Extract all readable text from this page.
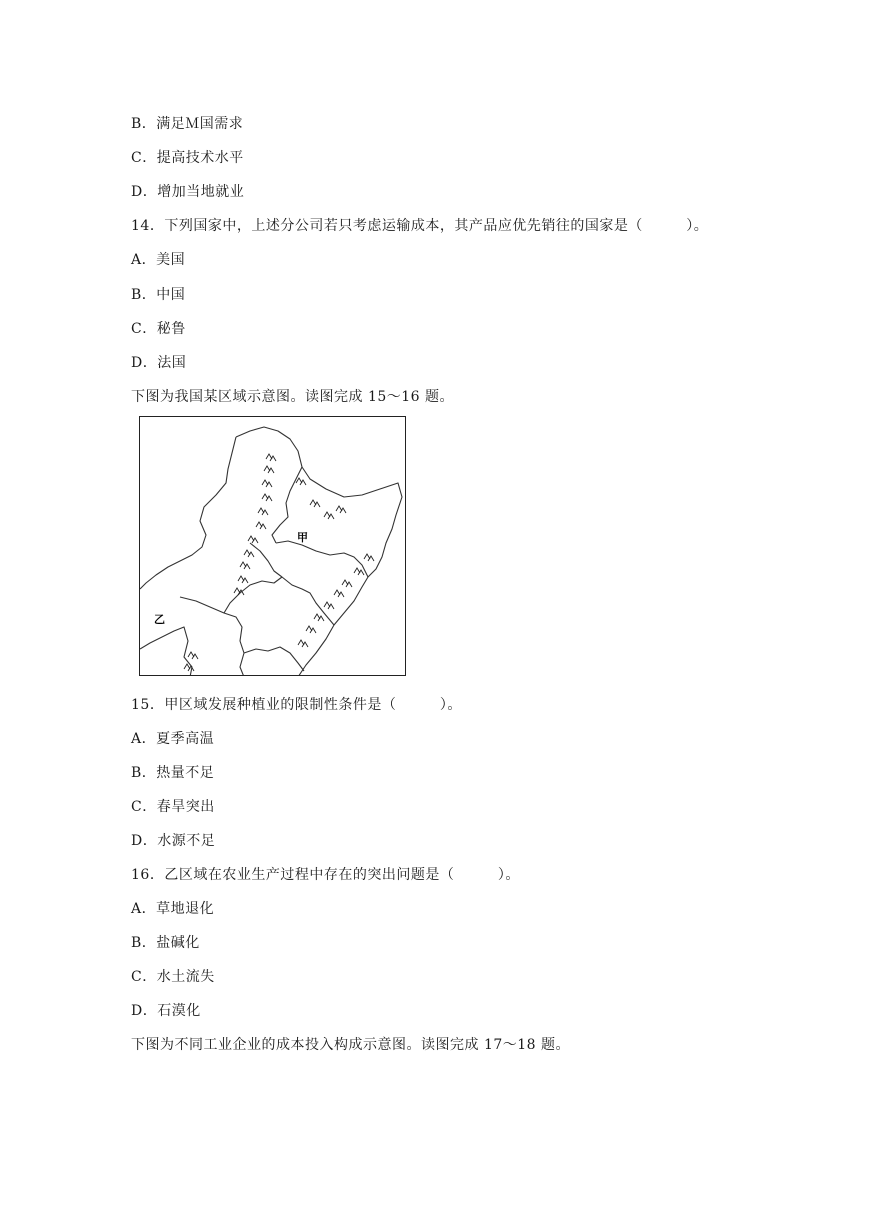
B．满足Ｍ国需求
C．提高技术水平
D．增加当地就业
14．下列国家中，上述分公司若只考虑运输成本，其产品应优先销往的国家是（　　　）。
A．美国
B．中国
C．秘鲁
D．法国
下图为我国某区域示意图。读图完成 15～16 题。
甲
乙
15．甲区域发展种植业的限制性条件是（　　　）。
A．夏季高温
B．热量不足
C．春旱突出
D．水源不足
16．乙区域在农业生产过程中存在的突出问题是（　　　）。
A．草地退化
B．盐碱化
C．水土流失
D．石漠化
下图为不同工业企业的成本投入构成示意图。读图完成 17～18 题。
